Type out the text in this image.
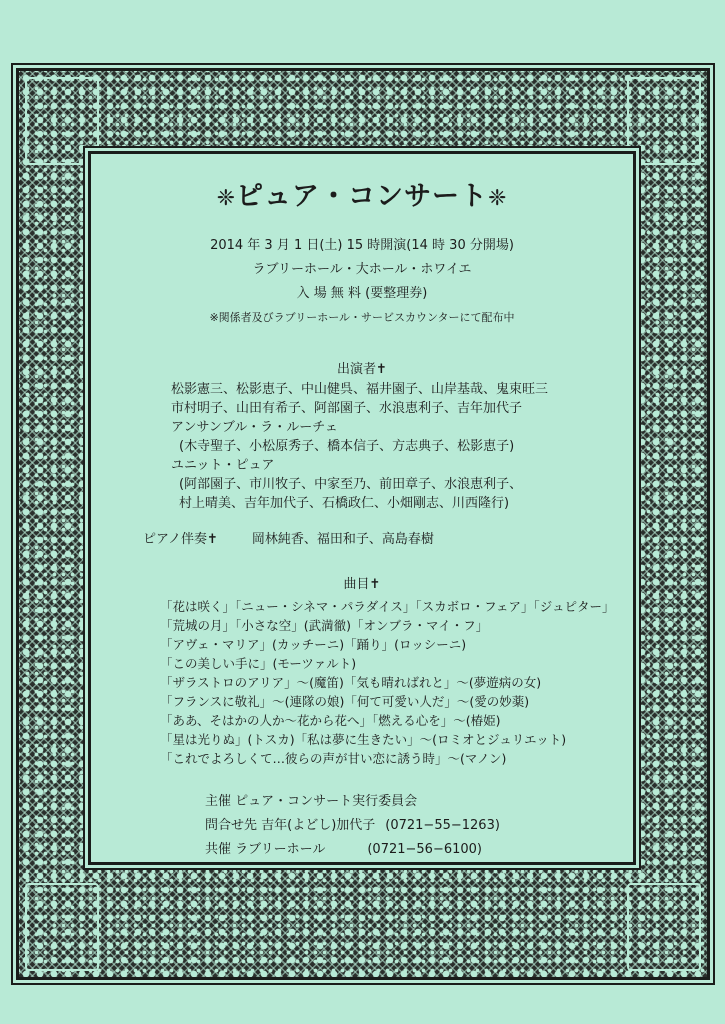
❈ピュア・コンサート❈
2014 年 3 月 1 日(土) 15 時開演(14 時 30 分開場)
ラブリーホール・大ホール・ホワイエ
入 場 無 料 (要整理券)
※関係者及びラブリーホール・サービスカウンターにて配布中
出演者✝
松影憲三、松影恵子、中山健呉、福井園子、山岸基哉、鬼束旺三
市村明子、山田有希子、阿部園子、水浪恵利子、吉年加代子
アンサンブル・ラ・ルーチェ

(木寺聖子、小松原秀子、橋本信子、方志典子、松影恵子)
ユニット・ピュア

(阿部園子、市川牧子、中家至乃、前田章子、水浪恵利子、
村上晴美、吉年加代子、石橋政仁、小畑剛志、川西隆行)
ピアノ伴奏✝	岡林純香、福田和子、高島春樹
曲目✝
「花は咲く」「ニュー・シネマ・パラダイス」「スカボロ・フェア」「ジュピター」
「荒城の月」「小さな空」(武満徹)「オンブラ・マイ・フ」
「アヴェ・マリア」(カッチーニ)「踊り」(ロッシーニ)
「この美しい手に」(モーツァルト)
「ザラストロのアリア」～(魔笛)「気も晴ればれと」～(夢遊病の女)
「フランスに敬礼」～(連隊の娘)「何て可愛い人だ」～(愛の妙薬)
「ああ、そはかの人か～花から花へ」「燃える心を」～(椿姫)
「星は光りぬ」(トスカ)「私は夢に生きたい」～(ロミオとジュリエット)
「これでよろしくて…彼らの声が甘い恋に誘う時」～(マノン)
主催 ピュア・コンサート実行委員会
問合せ先 吉年(よどし)加代子 (0721−55−1263)
共催 ラブリーホール	(0721−56−6100)
